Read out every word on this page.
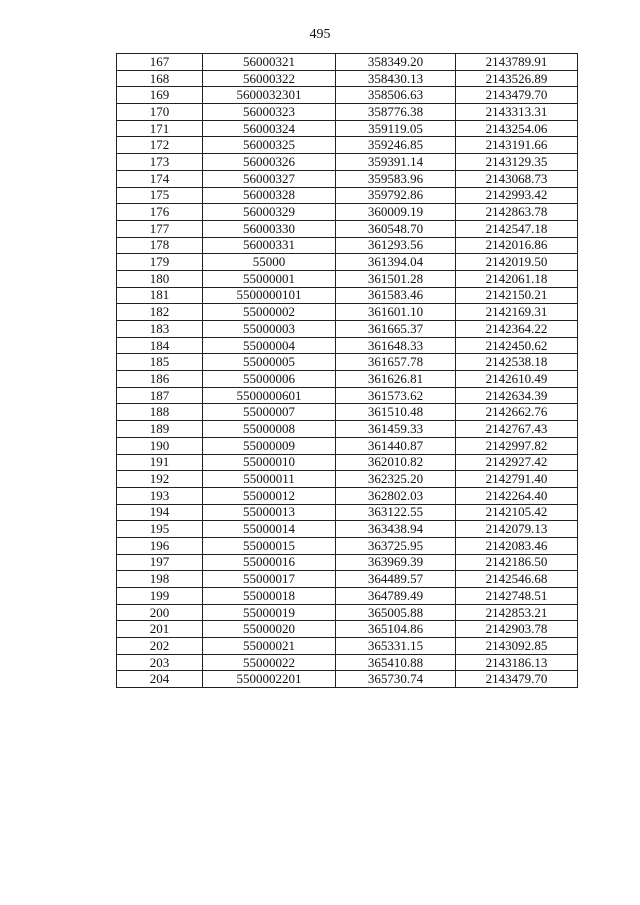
495
167	56000321	358349.20	2143789.91
168	56000322	358430.13	2143526.89
169	5600032301	358506.63	2143479.70
170	56000323	358776.38	2143313.31
171	56000324	359119.05	2143254.06
172	56000325	359246.85	2143191.66
173	56000326	359391.14	2143129.35
174	56000327	359583.96	2143068.73
175	56000328	359792.86	2142993.42
176	56000329	360009.19	2142863.78
177	56000330	360548.70	2142547.18
178	56000331	361293.56	2142016.86
179	55000	361394.04	2142019.50
180	55000001	361501.28	2142061.18
181	5500000101	361583.46	2142150.21
182	55000002	361601.10	2142169.31
183	55000003	361665.37	2142364.22
184	55000004	361648.33	2142450.62
185	55000005	361657.78	2142538.18
186	55000006	361626.81	2142610.49
187	5500000601	361573.62	2142634.39
188	55000007	361510.48	2142662.76
189	55000008	361459.33	2142767.43
190	55000009	361440.87	2142997.82
191	55000010	362010.82	2142927.42
192	55000011	362325.20	2142791.40
193	55000012	362802.03	2142264.40
194	55000013	363122.55	2142105.42
195	55000014	363438.94	2142079.13
196	55000015	363725.95	2142083.46
197	55000016	363969.39	2142186.50
198	55000017	364489.57	2142546.68
199	55000018	364789.49	2142748.51
200	55000019	365005.88	2142853.21
201	55000020	365104.86	2142903.78
202	55000021	365331.15	2143092.85
203	55000022	365410.88	2143186.13
204	5500002201	365730.74	2143479.70
